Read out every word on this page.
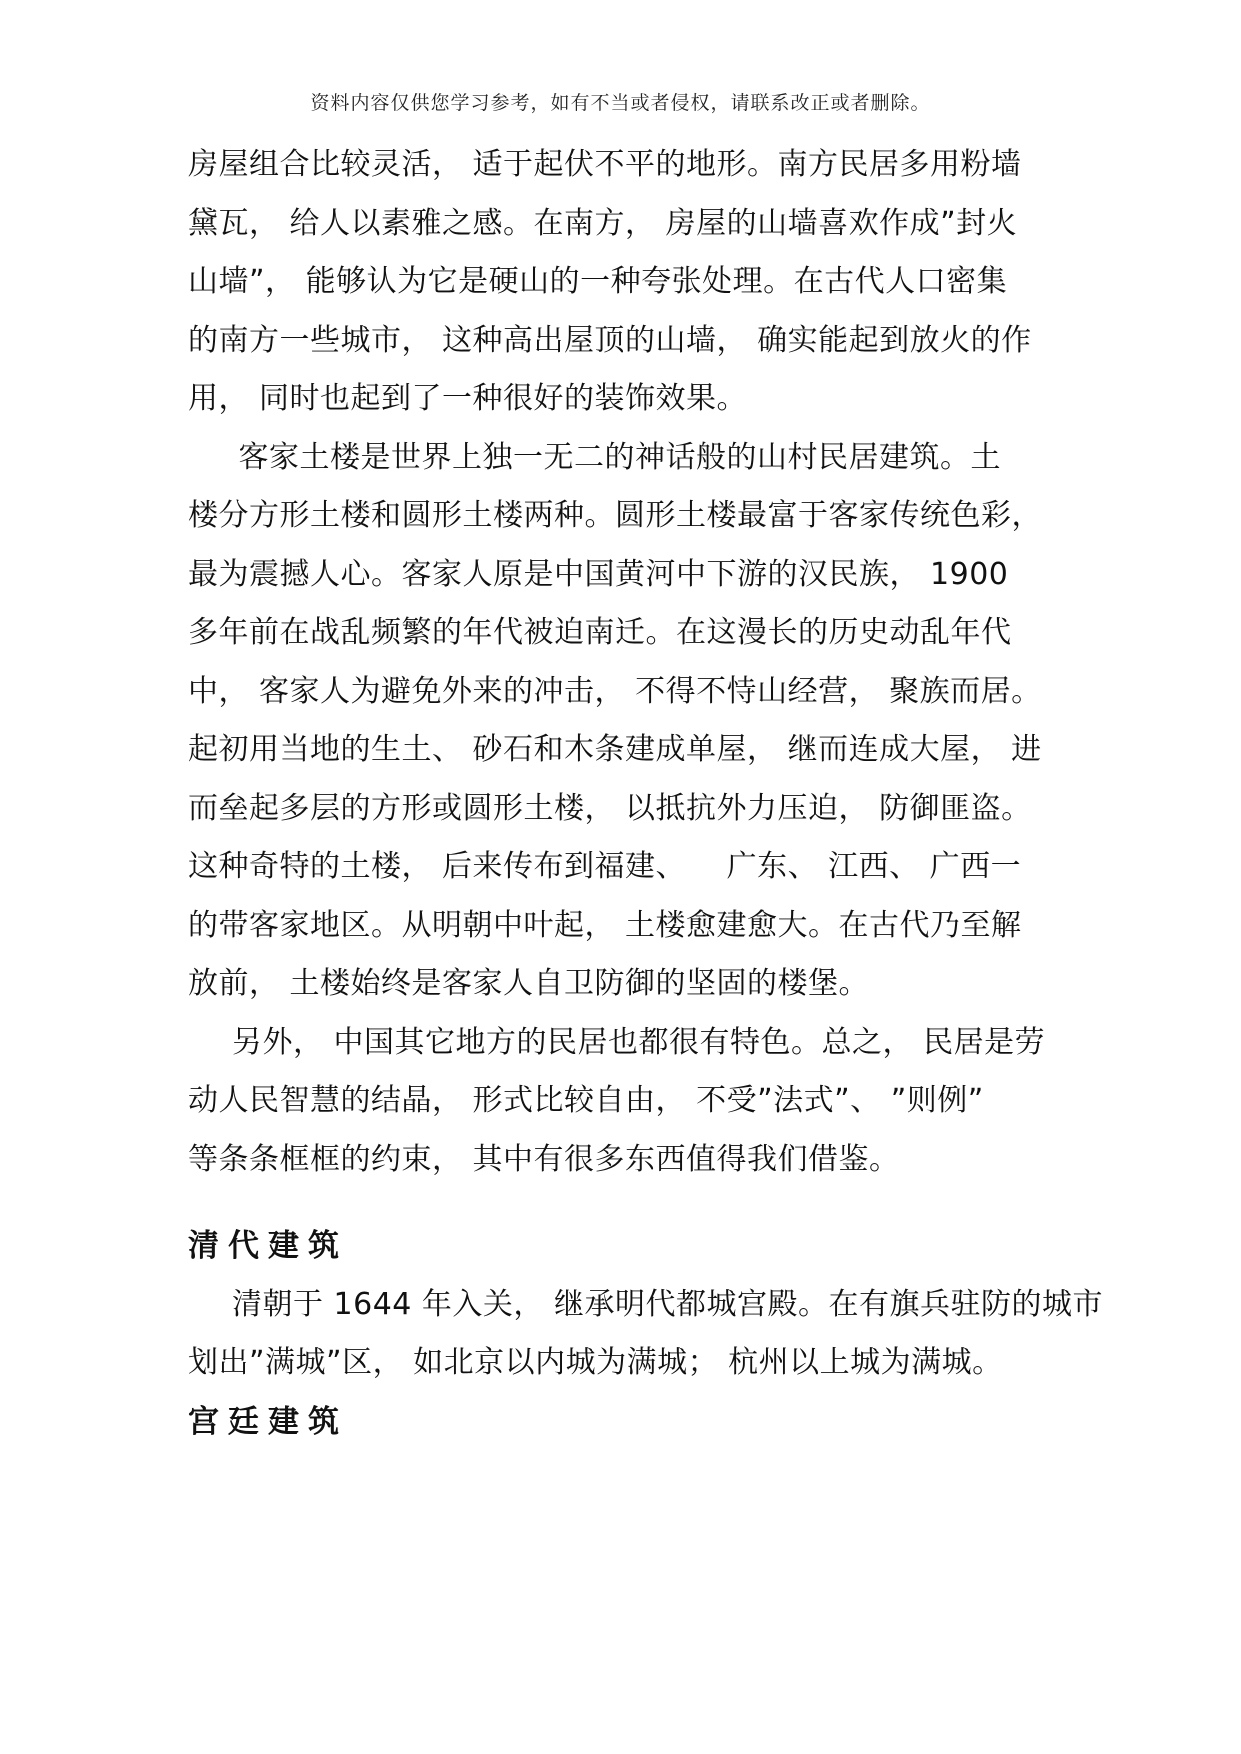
资料内容仅供您学习参考，如有不当或者侵权，请联系改正或者删除。
房屋组合比较灵活， 适于起伏不平的地形。南方民居多用粉墙
黛瓦， 给人以素雅之感。在南方， 房屋的山墙喜欢作成”封火
山墙”， 能够认为它是硬山的一种夸张处理。在古代人口密集
的南方一些城市， 这种高出屋顶的山墙， 确实能起到放火的作
用， 同时也起到了一种很好的装饰效果。
　客家土楼是世界上独一无二的神话般的山村民居建筑。土
楼分方形土楼和圆形土楼两种。圆形土楼最富于客家传统色彩，
最为震撼人心。客家人原是中国黄河中下游的汉民族， 1900
多年前在战乱频繁的年代被迫南迁。在这漫长的历史动乱年代
中， 客家人为避免外来的冲击， 不得不恃山经营， 聚族而居。
起初用当地的生土、 砂石和木条建成单屋， 继而连成大屋， 进
而垒起多层的方形或圆形土楼， 以抵抗外力压迫， 防御匪盗。
这种奇特的土楼， 后来传布到福建、 　广东、 江西、 广西一
的带客家地区。从明朝中叶起， 土楼愈建愈大。在古代乃至解
放前， 土楼始终是客家人自卫防御的坚固的楼堡。
另外， 中国其它地方的民居也都很有特色。总之， 民居是劳
动人民智慧的结晶， 形式比较自由， 不受”法式”、 ”则例”
等条条框框的约束， 其中有很多东西值得我们借鉴。
清代建筑
清朝于 1644 年入关， 继承明代都城宫殿。在有旗兵驻防的城市
划出”满城”区， 如北京以内城为满城； 杭州以上城为满城。
宫廷建筑
